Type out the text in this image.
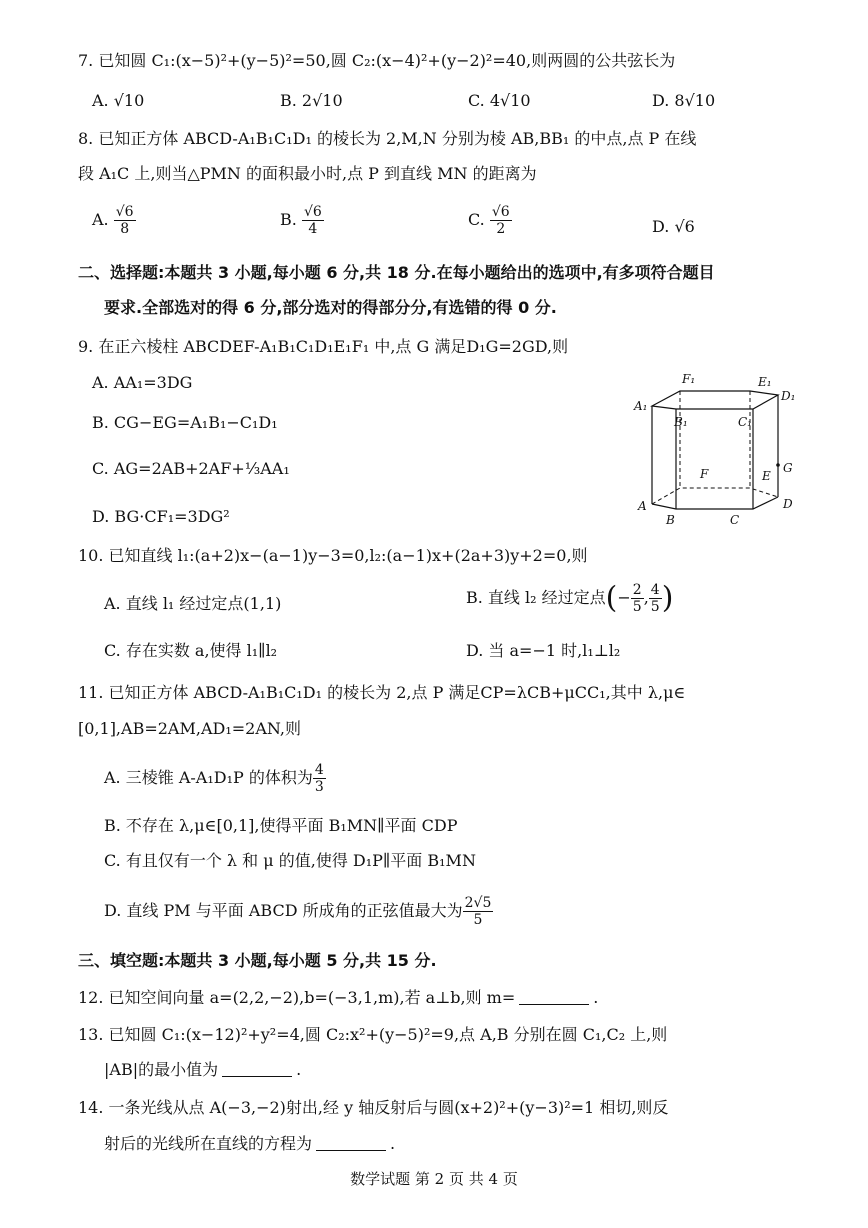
7. 已知圆 C₁:(x−5)²+(y−5)²=50,圆 C₂:(x−4)²+(y−2)²=40,则两圆的公共弦长为
A. √10	B. 2√10	C. 4√10	D. 8√10
8. 已知正方体 ABCD-A₁B₁C₁D₁ 的棱长为 2,M,N 分别为棱 AB,BB₁ 的中点,点 P 在线
段 A₁C 上,则当△PMN 的面积最小时,点 P 到直线 MN 的距离为
A. $\frac{√6}{8}$	B. $\frac{√6}{4}$	C. $\frac{√6}{2}$	D. √6
二、选择题:本题共 3 小题,每小题 6 分,共 18 分.在每小题给出的选项中,有多项符合题目
要求.全部选对的得 6 分,部分选对的得部分分,有选错的得 0 分.
9. 在正六棱柱 ABCDEF-A₁B₁C₁D₁E₁F₁ 中,点 G 满足D₁G=2GD,则
A. AA₁=3DG
B. CG−EG=A₁B₁−C₁D₁
C. AG=2AB+2AF+⅓AA₁
D. BG·CF₁=3DG²
F₁	E₁
A₁
D₁
B₁	C₁
F	E
G
A	D
B	C
10. 已知直线 l₁:(a+2)x−(a−1)y−3=0,l₂:(a−1)x+(2a+3)y+2=0,则
A. 直线 l₁ 经过定点(1,1)	B. 直线 l₂ 经过定点(− $\frac{2}{5}$ , $\frac{4}{5}$ )
C. 存在实数 a,使得 l₁∥l₂	D. 当 a=−1 时,l₁⊥l₂
11. 已知正方体 ABCD-A₁B₁C₁D₁ 的棱长为 2,点 P 满足CP=λCB+μCC₁,其中 λ,μ∈
[0,1],AB=2AM,AD₁=2AN,则
A. 三棱锥 A-A₁D₁P 的体积为 $\frac{4}{3}$
B. 不存在 λ,μ∈[0,1],使得平面 B₁MN∥平面 CDP
C. 有且仅有一个 λ 和 μ 的值,使得 D₁P∥平面 B₁MN
D. 直线 PM 与平面 ABCD 所成角的正弦值最大为 $\frac{2√5}{5}$
三、填空题:本题共 3 小题,每小题 5 分,共 15 分.
12. 已知空间向量 a=(2,2,−2),b=(−3,1,m),若 a⊥b,则 m=	.
13. 已知圆 C₁:(x−12)²+y²=4,圆 C₂:x²+(y−5)²=9,点 A,B 分别在圆 C₁,C₂ 上,则
|AB|的最小值为	.
14. 一条光线从点 A(−3,−2)射出,经 y 轴反射后与圆(x+2)²+(y−3)²=1 相切,则反
射后的光线所在直线的方程为	.
数学试题 第 2 页 共 4 页
